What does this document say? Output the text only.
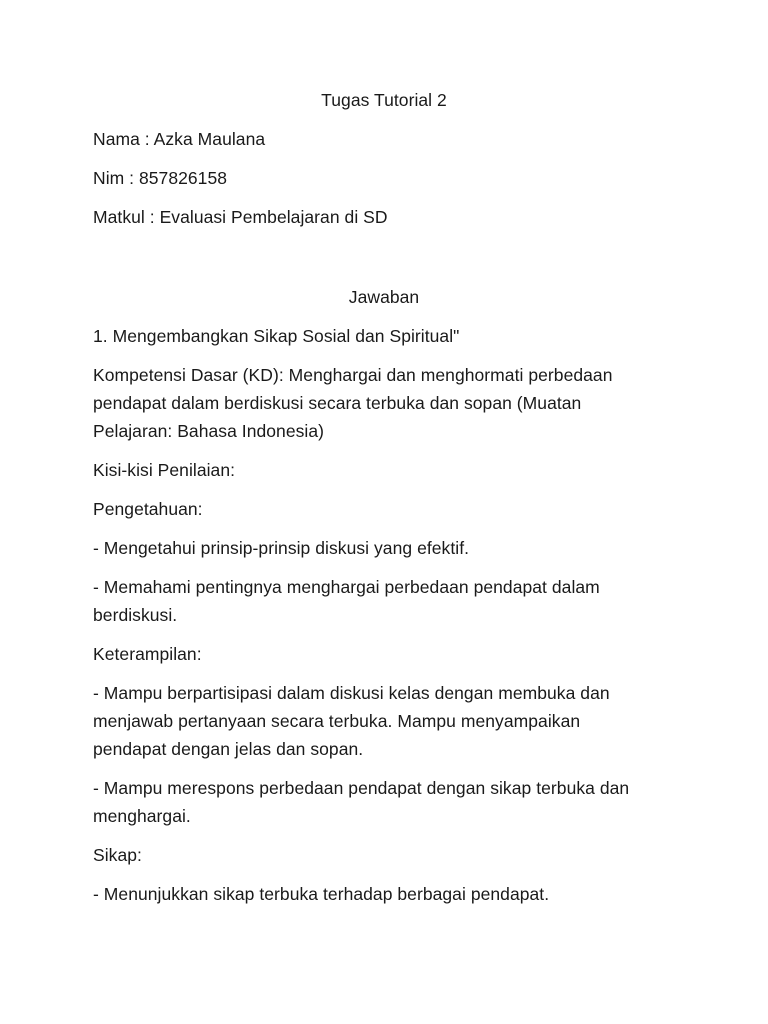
Tugas Tutorial 2
Nama : Azka Maulana
Nim : 857826158
Matkul : Evaluasi Pembelajaran di SD
Jawaban
1. Mengembangkan Sikap Sosial dan Spiritual"
Kompetensi Dasar (KD): Menghargai dan menghormati perbedaan
pendapat dalam berdiskusi secara terbuka dan sopan (Muatan
Pelajaran: Bahasa Indonesia)
Kisi-kisi Penilaian:
Pengetahuan:
- Mengetahui prinsip-prinsip diskusi yang efektif.
- Memahami pentingnya menghargai perbedaan pendapat dalam
berdiskusi.
Keterampilan:
- Mampu berpartisipasi dalam diskusi kelas dengan membuka dan
menjawab pertanyaan secara terbuka. Mampu menyampaikan
pendapat dengan jelas dan sopan.
- Mampu merespons perbedaan pendapat dengan sikap terbuka dan
menghargai.
Sikap:
- Menunjukkan sikap terbuka terhadap berbagai pendapat.
